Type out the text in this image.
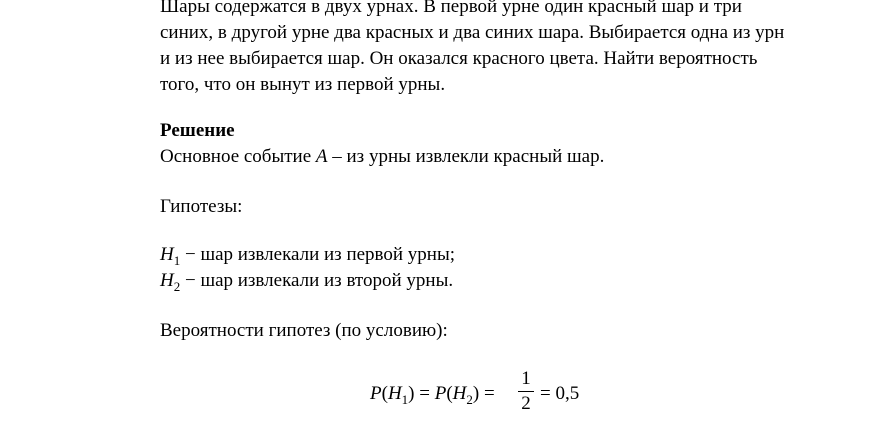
Шары содержатся в двух урнах. В первой урне один красный шар и три
синих, в другой урне два красных и два синих шара. Выбирается одна из урн
и из нее выбирается шар. Он оказался красного цвета. Найти вероятность
того, что он вынут из первой урны.
Решение
Основное событие A – из урны извлекли красный шар.
Гипотезы:
$H_1$ − шар извлекали из первой урны;
$H_2$ − шар извлекали из второй урны.
Вероятности гипотез (по условию):
$P(H_1) = P(H_2)$ =
1
2 = 0,5
